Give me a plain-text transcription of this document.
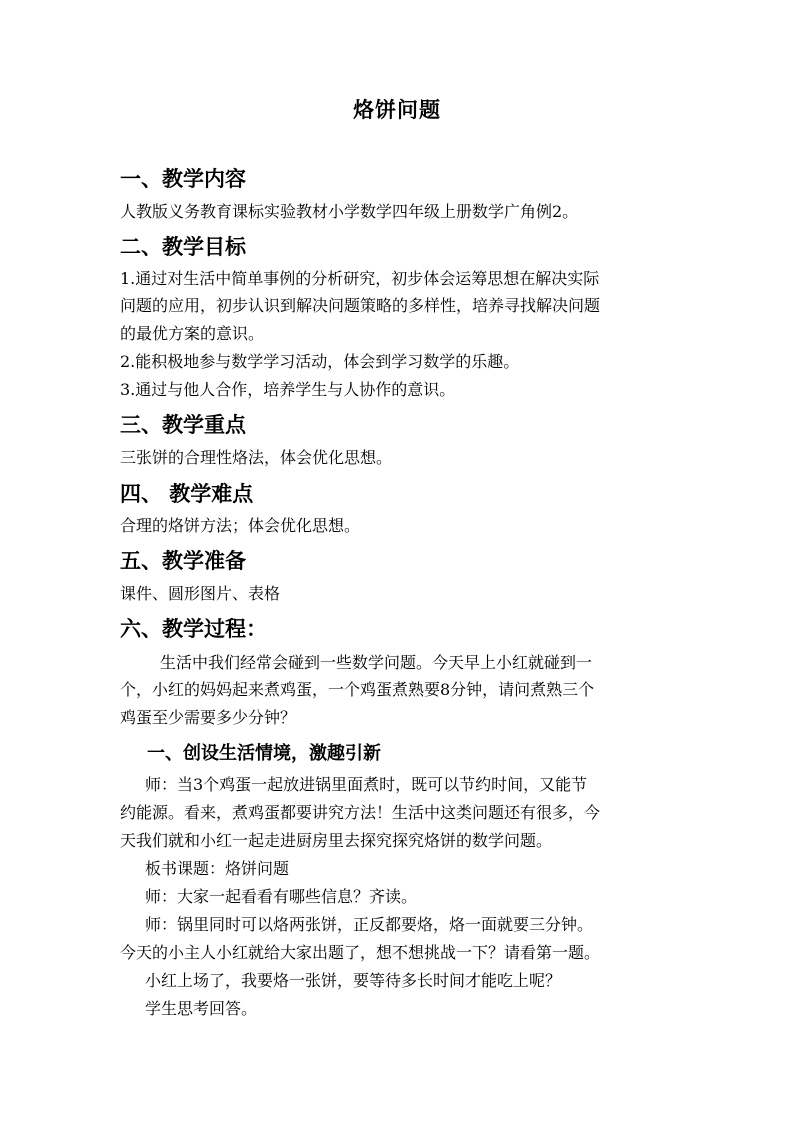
烙饼问题
一、教学内容
人教版义务教育课标实验教材小学数学四年级上册数学广角例2。
二、教学目标
1.通过对生活中简单事例的分析研究，初步体会运筹思想在解决实际
问题的应用，初步认识到解决问题策略的多样性，培养寻找解决问题
的最优方案的意识。
2.能积极地参与数学学习活动，体会到学习数学的乐趣。
3.通过与他人合作，培养学生与人协作的意识。
三、教学重点
三张饼的合理性烙法，体会优化思想。
四、 教学难点
合理的烙饼方法；体会优化思想。
五、教学准备
课件、圆形图片、表格
六、教学过程：
生活中我们经常会碰到一些数学问题。今天早上小红就碰到一
个，小红的妈妈起来煮鸡蛋，一个鸡蛋煮熟要8分钟，请问煮熟三个
鸡蛋至少需要多少分钟？
一、创设生活情境，激趣引新
师：当3个鸡蛋一起放进锅里面煮时，既可以节约时间，又能节
约能源。看来，煮鸡蛋都要讲究方法！生活中这类问题还有很多，今
天我们就和小红一起走进厨房里去探究探究烙饼的数学问题。
板书课题：烙饼问题
师：大家一起看看有哪些信息？齐读。
师：锅里同时可以烙两张饼，正反都要烙，烙一面就要三分钟。
今天的小主人小红就给大家出题了，想不想挑战一下？请看第一题。
小红上场了，我要烙一张饼，要等待多长时间才能吃上呢？
学生思考回答。
